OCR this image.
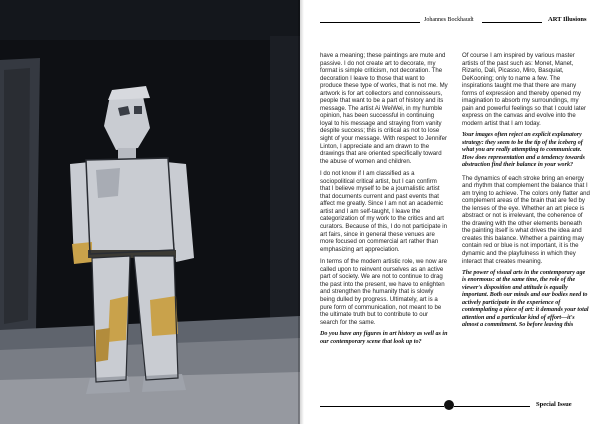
Johannes Bockhaudt	ART Illusions

have a meaning; these paintings are mute and passive. I do not create art to decorate, my format is simple criticism, not decoration. The decoration I leave to those that want to produce these type of works, that is not me. My artwork is for art collectors and connoisseurs, people that want to be a part of history and its message. The artist Ai WeiWei, in my humble opinion, has been successful in continuing loyal to his message and straying from vanity despite success; this is critical as not to lose sight of your message. With respect to Jennifer Linton, I appreciate and am drawn to the drawings that are oriented specifically toward the abuse of women and children.

I do not know if I am classified as a sociopolitical critical artist, but I can confirm that I believe myself to be a journalistic artist that documents current and past events that affect me greatly. Since I am not an academic artist and I am self-taught, I leave the categorization of my work to the critics and art curators. Because of this, I do not participate in art fairs, since in general these venues are more focused on commercial art rather than emphasizing art appreciation.

In terms of the modern artistic role, we now are called upon to reinvent ourselves as an active part of society. We are not to continue to drag the past into the present, we have to enlighten and strengthen the humanity that is slowly being dulled by progress. Ultimately, art is a pure form of communication, not meant to be the ultimate truth but to contribute to our search for the same.

Do you have any figures in art history as well as in our contemporary scene that look up to?

Of course I am inspired by various master artists of the past such as: Monet, Manet, Rizario, Dali, Picasso, Miro, Basquiat, DeKooning; only to name a few. The inspirations taught me that there are many forms of expression and thereby opened my imagination to absorb my surroundings, my pain and powerful feelings so that I could later express on the canvas and evolve into the modern artist that I am today.

Your images often reject an explicit explanatory strategy: they seem to be the tip of the iceberg of what you are really attempting to communicate. How does representation and a tendency towards abstraction find their balance in your work?

The dynamics of each stroke bring an energy and rhythm that complement the balance that I am trying to achieve. The colors only flatter and complement areas of the brain that are fed by the lenses of the eye. Whether an art piece is abstract or not is irrelevant, the coherence of the drawing with the other elements beneath the painting itself is what drives the idea and creates this balance. Whether a painting may contain red or blue is not important, it is the dynamic and the playfulness in which they interact that creates meaning.

The power of visual arts in the contemporary age is enormous: at the same time, the role of the viewer's disposition and attitude is equally important. Both our minds and our bodies need to actively participate in the experience of contemplating a piece of art: it demands your total attention and a particular kind of effort—it's almost a commitment. So before leaving this

Special Issue
